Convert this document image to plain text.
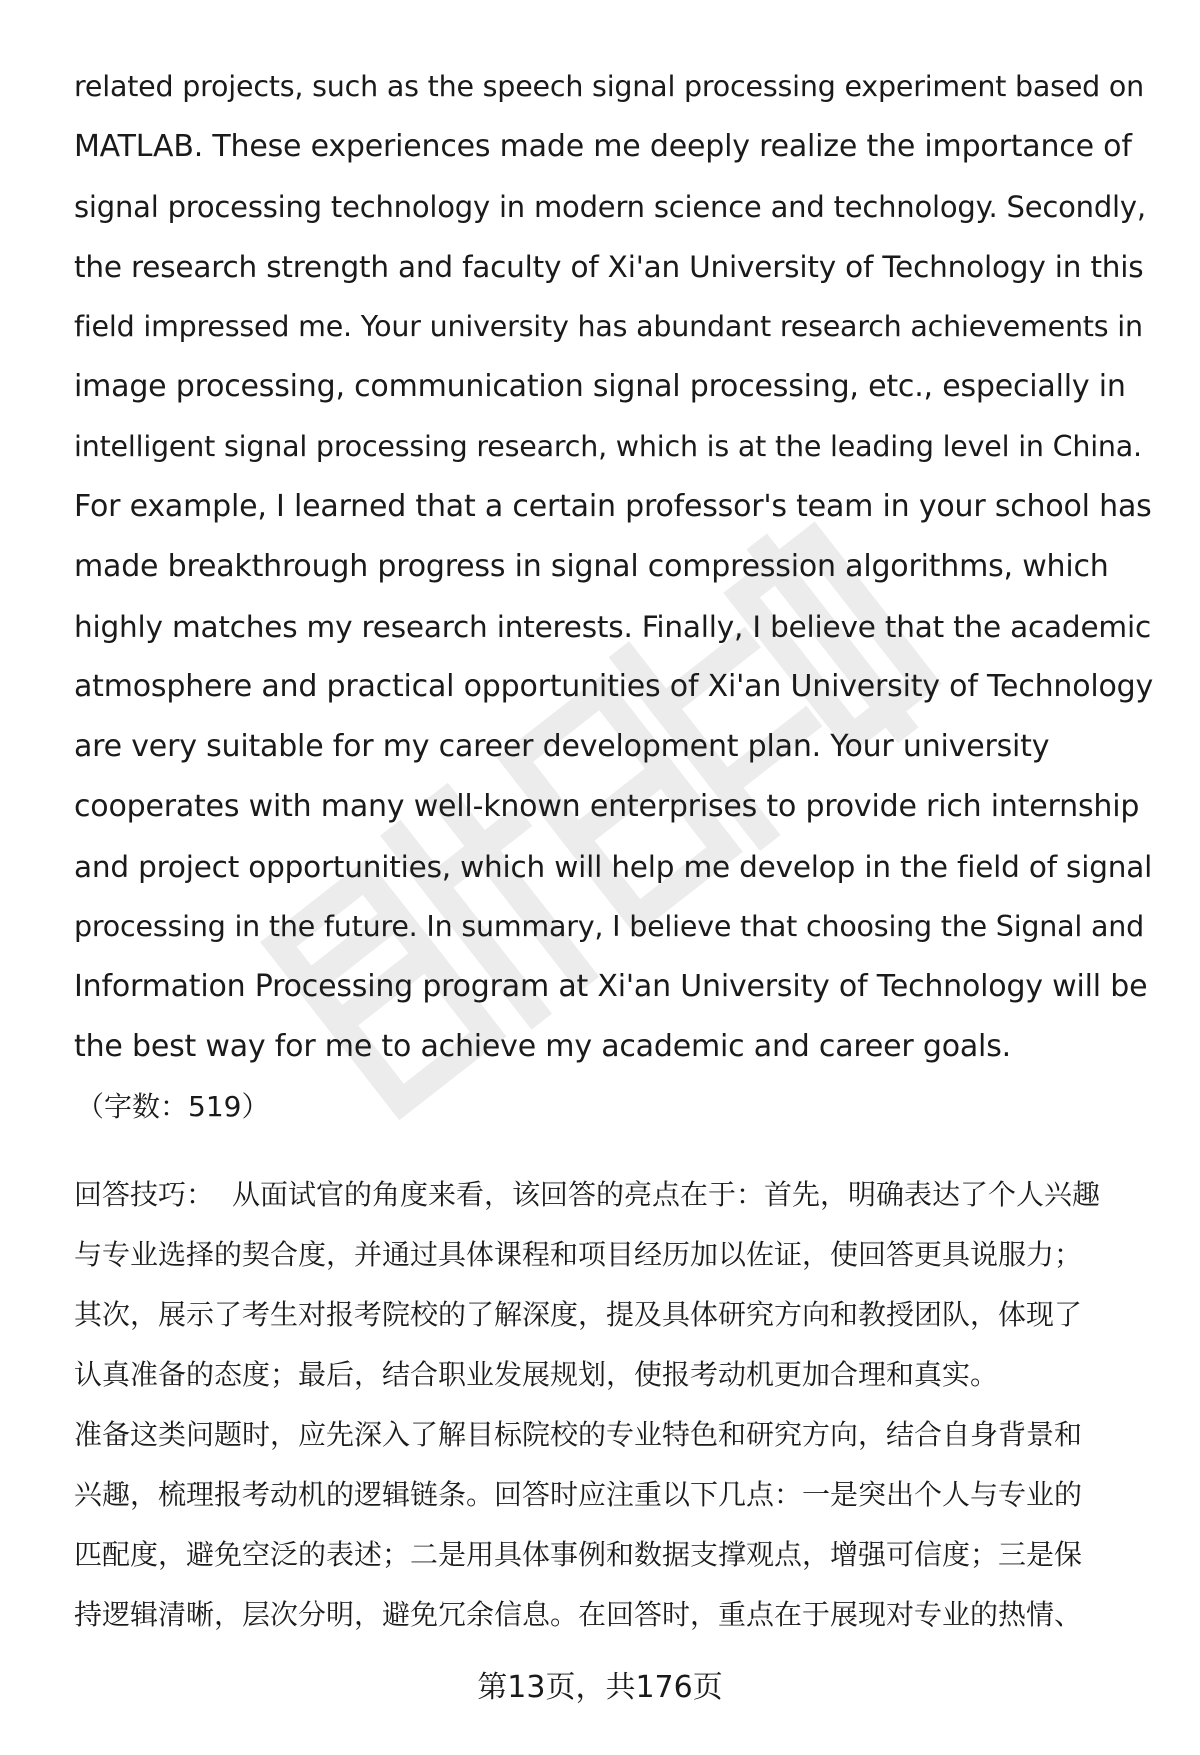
related projects, such as the speech signal processing experiment based on
MATLAB. These experiences made me deeply realize the importance of
signal processing technology in modern science and technology. Secondly,
the research strength and faculty of Xi'an University of Technology in this
field impressed me. Your university has abundant research achievements in
image processing, communication signal processing, etc., especially in
intelligent signal processing research, which is at the leading level in China.
For example, I learned that a certain professor's team in your school has
made breakthrough progress in signal compression algorithms, which
highly matches my research interests. Finally, I believe that the academic
atmosphere and practical opportunities of Xi'an University of Technology
are very suitable for my career development plan. Your university
cooperates with many well-known enterprises to provide rich internship
and project opportunities, which will help me develop in the field of signal
processing in the future. In summary, I believe that choosing the Signal and
Information Processing program at Xi'an University of Technology will be
the best way for me to achieve my academic and career goals.
（字数：519）
回答技巧： 从面试官的角度来看，该回答的亮点在于：首先，明确表达了个人兴趣
与专业选择的契合度，并通过具体课程和项目经历加以佐证，使回答更具说服力；
其次，展示了考生对报考院校的了解深度，提及具体研究方向和教授团队，体现了
认真准备的态度；最后，结合职业发展规划，使报考动机更加合理和真实。
准备这类问题时，应先深入了解目标院校的专业特色和研究方向，结合自身背景和
兴趣，梳理报考动机的逻辑链条。回答时应注重以下几点：一是突出个人与专业的
匹配度，避免空泛的表述；二是用具体事例和数据支撑观点，增强可信度；三是保
持逻辑清晰，层次分明，避免冗余信息。在回答时，重点在于展现对专业的热情、
第13页，共176页
